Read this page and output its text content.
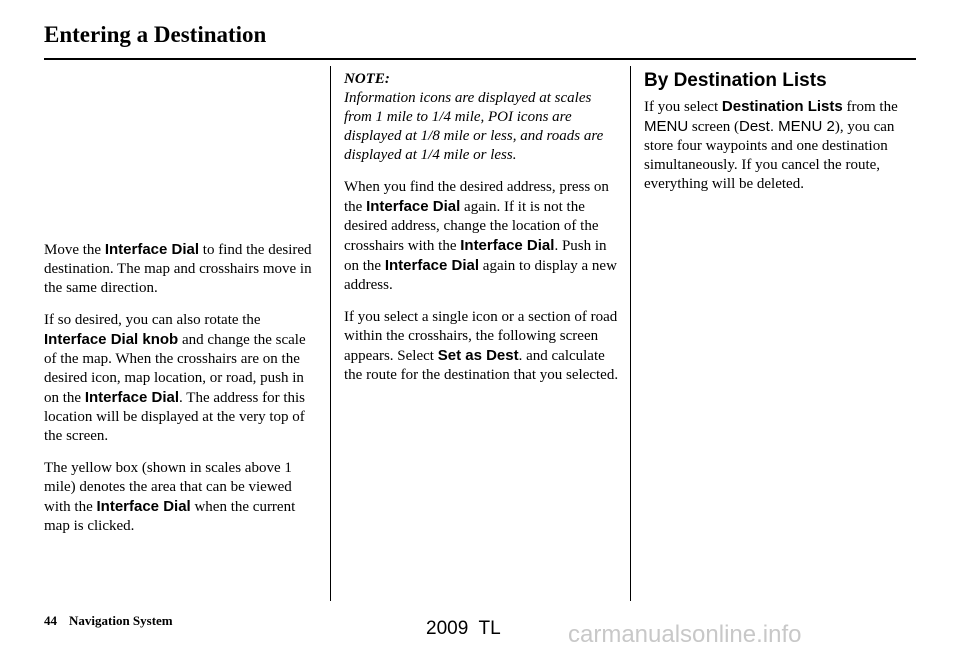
Entering a Destination

Move the Interface Dial to find the desired destination. The map and crosshairs move in the same direction.

If so desired, you can also rotate the Interface Dial knob and change the scale of the map. When the crosshairs are on the desired icon, map location, or road, push in on the Interface Dial. The address for this location will be displayed at the very top of the screen.

The yellow box (shown in scales above 1 mile) denotes the area that can be viewed with the Interface Dial when the current map is clicked.

NOTE:
Information icons are displayed at scales from 1 mile to 1/4 mile, POI icons are displayed at 1/8 mile or less, and roads are displayed at 1/4 mile or less.

When you find the desired address, press on the Interface Dial again. If it is not the desired address, change the location of the crosshairs with the Interface Dial. Push in on the Interface Dial again to display a new address.

If you select a single icon or a section of road within the crosshairs, the following screen appears. Select Set as Dest. and calculate the route for the destination that you selected.

By Destination Lists

If you select Destination Lists from the MENU screen (Dest. MENU 2), you can store four waypoints and one destination simultaneously. If you cancel the route, everything will be deleted.

44 Navigation System	2009  TL	carmanualsonline.info
